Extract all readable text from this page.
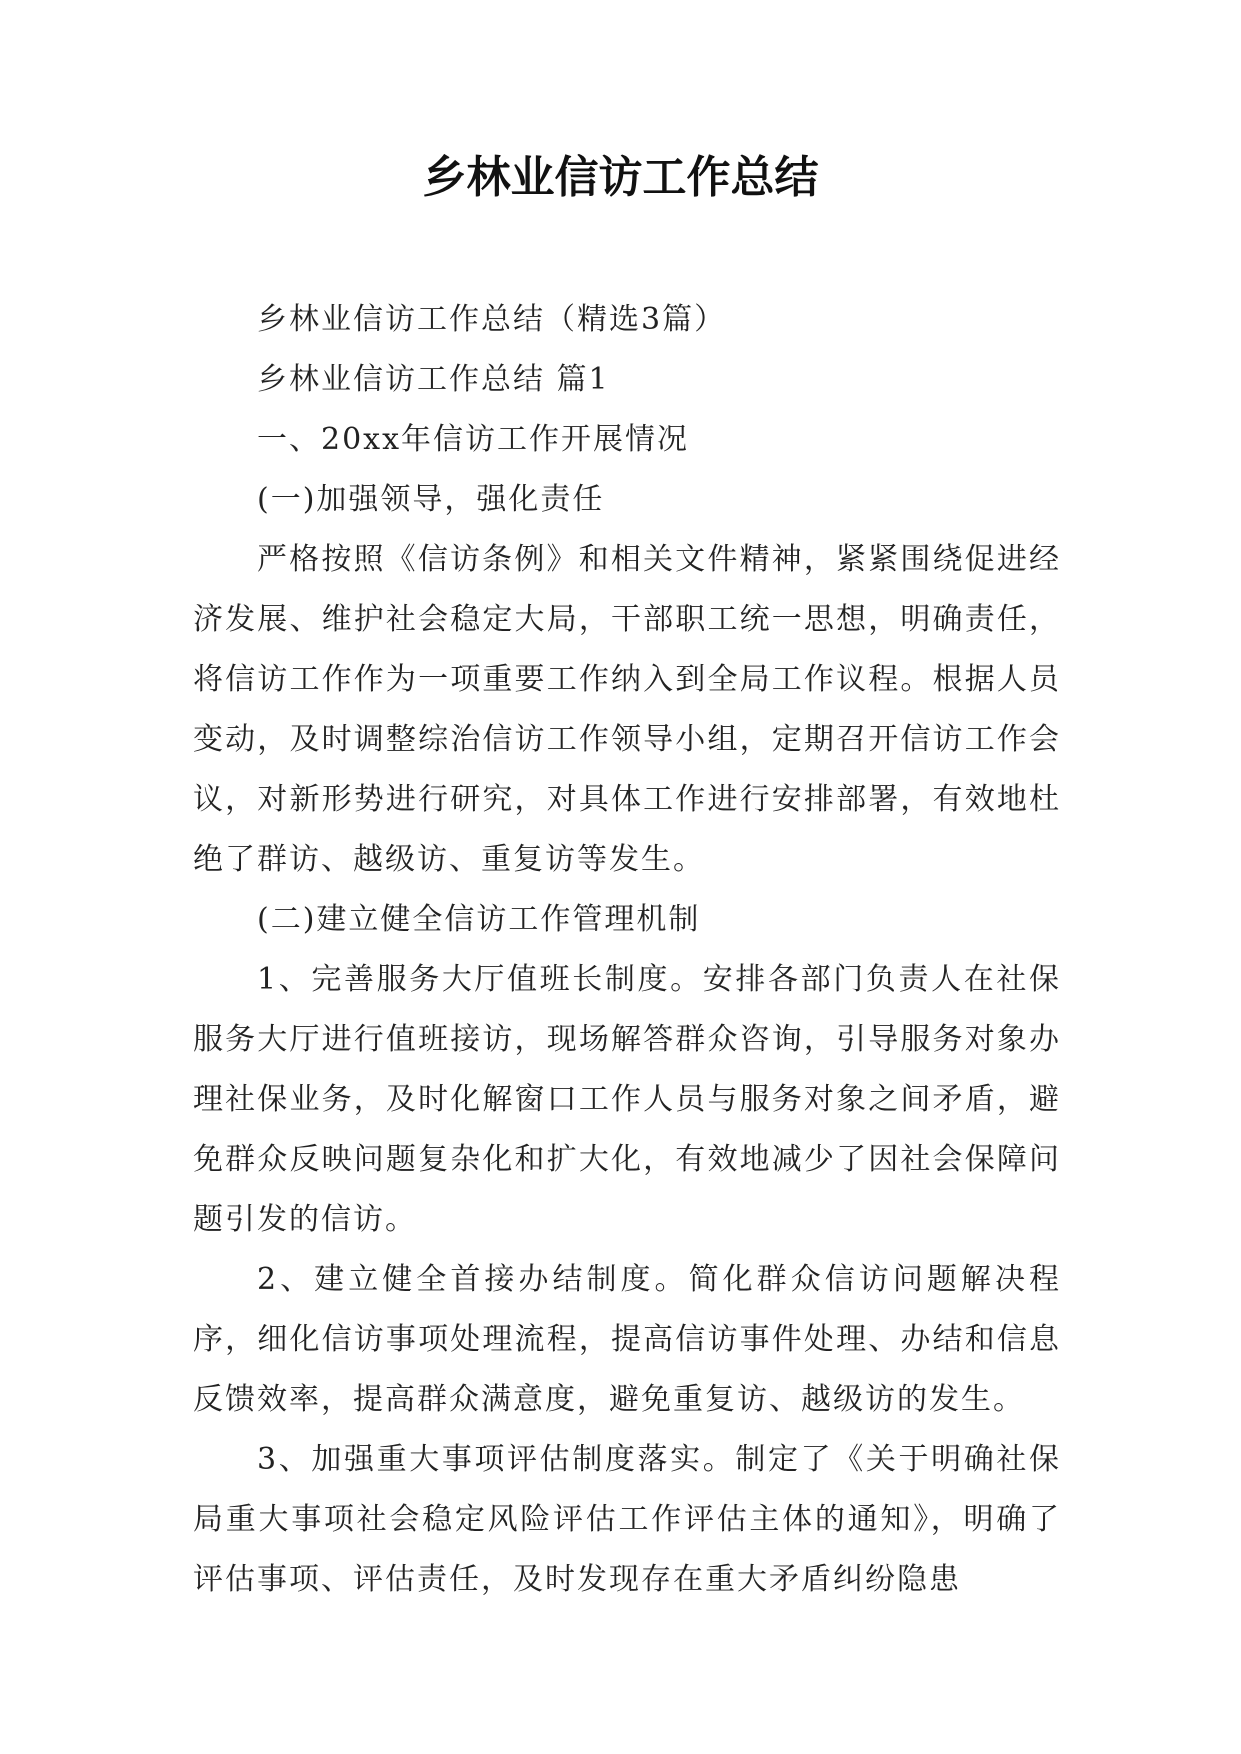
乡林业信访工作总结

乡林业信访工作总结（精选3篇）

乡林业信访工作总结 篇1

一、20xx年信访工作开展情况

(一)加强领导，强化责任

严格按照《信访条例》和相关文件精神，紧紧围绕促进经济发展、维护社会稳定大局，干部职工统一思想，明确责任，将信访工作作为一项重要工作纳入到全局工作议程。根据人员变动，及时调整综治信访工作领导小组，定期召开信访工作会议，对新形势进行研究，对具体工作进行安排部署，有效地杜绝了群访、越级访、重复访等发生。

(二)建立健全信访工作管理机制

1、完善服务大厅值班长制度。安排各部门负责人在社保服务大厅进行值班接访，现场解答群众咨询，引导服务对象办理社保业务，及时化解窗口工作人员与服务对象之间矛盾，避免群众反映问题复杂化和扩大化，有效地减少了因社会保障问题引发的信访。

2、建立健全首接办结制度。简化群众信访问题解决程序，细化信访事项处理流程，提高信访事件处理、办结和信息反馈效率，提高群众满意度，避免重复访、越级访的发生。

3、加强重大事项评估制度落实。制定了《关于明确社保局重大事项社会稳定风险评估工作评估主体的通知》，明确了评估事项、评估责任，及时发现存在重大矛盾纠纷隐患
